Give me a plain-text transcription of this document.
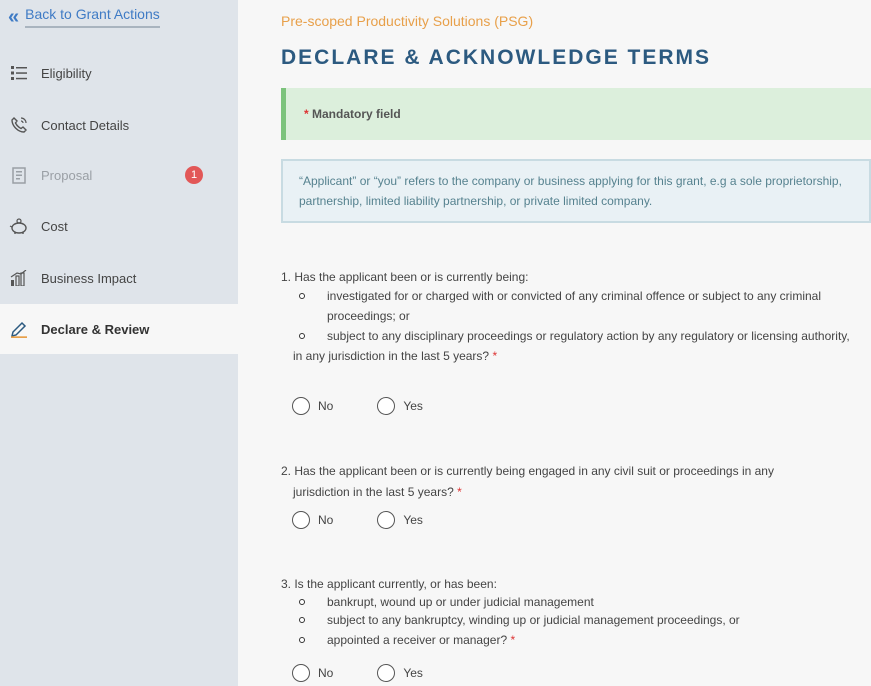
« Back to Grant Actions
Eligibility
Contact Details
Proposal	1
Cost
Business Impact
Declare & Review
Pre-scoped Productivity Solutions (PSG)
DECLARE & ACKNOWLEDGE TERMS
*
Mandatory field
“Applicant” or “you” refers to the company or business applying for this grant, e.g a sole proprietorship, partnership, limited liability partnership, or private limited company.
1. Has the applicant been or is currently being:
investigated for or charged with or convicted of any criminal offence or subject to any criminal proceedings; or
subject to any disciplinary proceedings or regulatory action by any regulatory or licensing authority,
in any jurisdiction in the last 5 years? *
No	Yes
2. Has the applicant been or is currently being engaged in any civil suit or proceedings in any
jurisdiction in the last 5 years? *
No	Yes
3. Is the applicant currently, or has been:
bankrupt, wound up or under judicial management
subject to any bankruptcy, winding up or judicial management proceedings, or
appointed a receiver or manager? *
No	Yes
